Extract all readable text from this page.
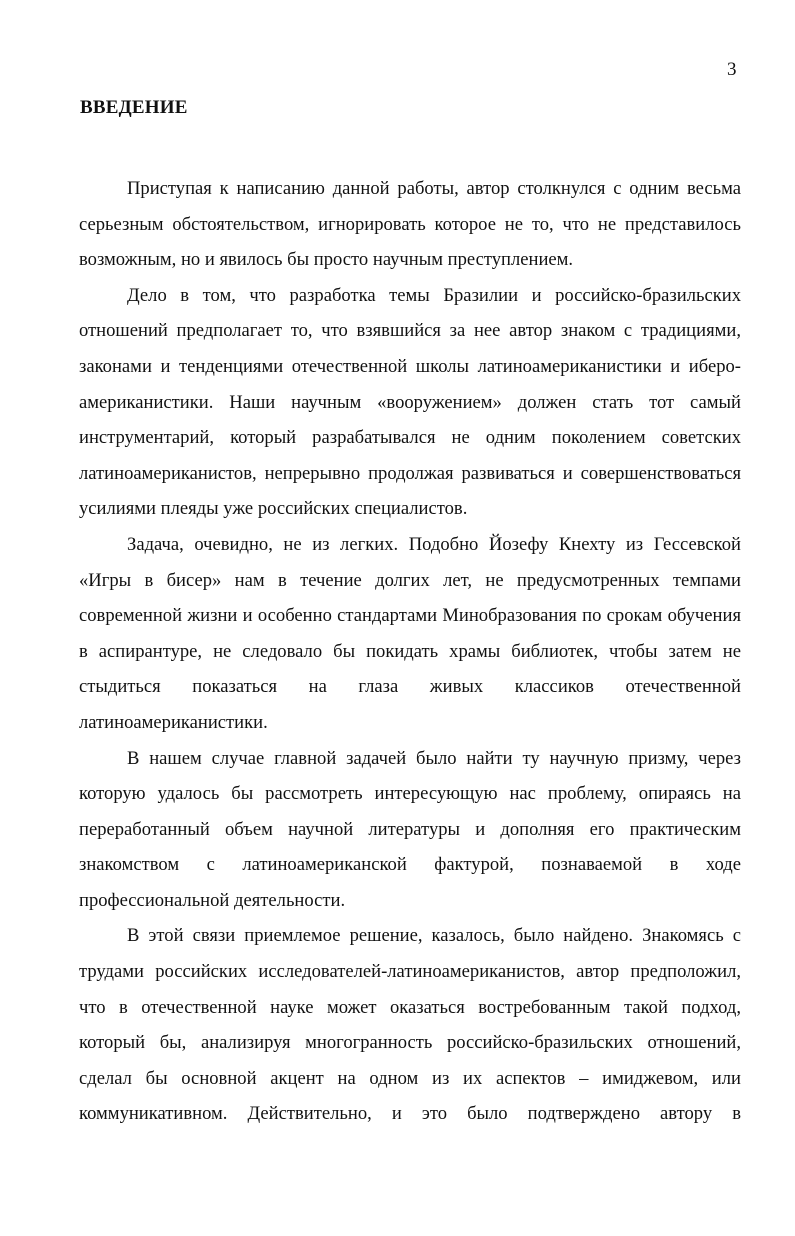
3
ВВЕДЕНИЕ

Приступая к написанию данной работы, автор столкнулся с одним весьма серьезным обстоятельством, игнорировать которое не то, что не представилось возможным, но и явилось бы просто научным преступлением.

Дело в том, что разработка темы Бразилии и российско-бразильских отношений предполагает то, что взявшийся за нее автор знаком с традициями, законами и тенденциями отечественной школы латиноамериканистики и иберо-американистики. Наши научным «вооружением» должен стать тот самый инструментарий, который разрабатывался не одним поколением советских латиноамериканистов, непрерывно продолжая развиваться и совершенствоваться усилиями плеяды уже российских специалистов.

Задача, очевидно, не из легких. Подобно Йозефу Кнехту из Гессевской «Игры в бисер» нам в течение долгих лет, не предусмотренных темпами современной жизни и особенно стандартами Минобразования по срокам обучения в аспирантуре, не следовало бы покидать храмы библиотек, чтобы затем не стыдиться показаться на глаза живых классиков отечественной латиноамериканистики.

В нашем случае главной задачей было найти ту научную призму, через которую удалось бы рассмотреть интересующую нас проблему, опираясь на переработанный объем научной литературы и дополняя его практическим знакомством с латиноамериканской фактурой, познаваемой в ходе профессиональной деятельности.

В этой связи приемлемое решение, казалось, было найдено. Знакомясь с трудами российских исследователей-латиноамериканистов, автор предположил, что в отечественной науке может оказаться востребованным такой подход, который бы, анализируя многогранность российско-бразильских отношений, сделал бы основной акцент на одном из их аспектов – имиджевом, или коммуникативном. Действительно, и это было подтверждено автору в
